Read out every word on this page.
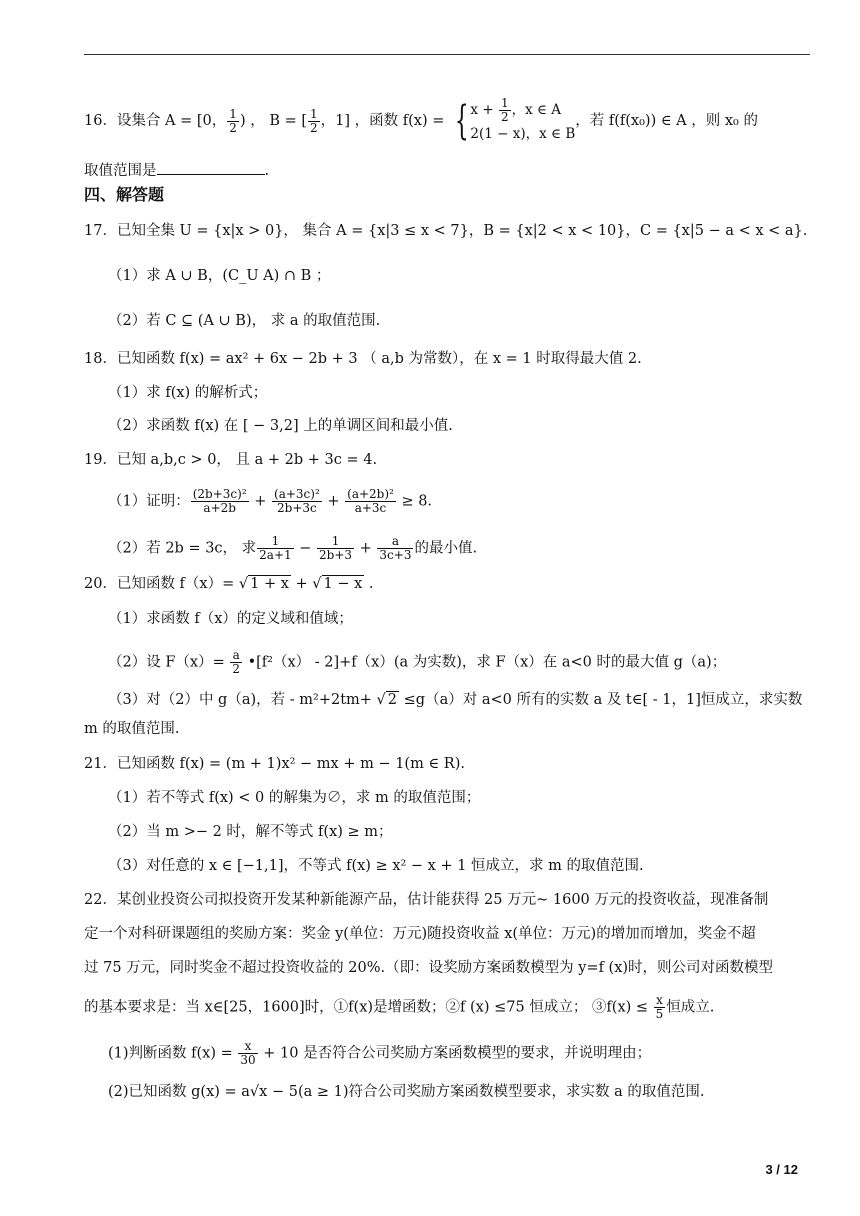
16．设集合 A = [0， $\frac{1}{2}$ ) ， B = [ $\frac{1}{2}$ ，1] ，函数 f(x) = { $x + \frac{1}{2}$ ，x ∈ A
2(1 − x)，x ∈ B
，若 f(f(x₀)) ∈ A ，则 x₀ 的
取值范围是	.
四、解答题
17．已知全集 U = {x|x > 0}， 集合 A = {x|3 ≤ x < 7}，B = {x|2 < x < 10}，C = {x|5 − a < x < a}.
（1）求 A ∪ B，(C_U A) ∩ B ；
（2）若 C ⊆ (A ∪ B)， 求 a 的取值范围.
18．已知函数 f(x) = ax² + 6x − 2b + 3 （ a,b 为常数），在 x = 1 时取得最大值 2.
（1）求 f(x) 的解析式；
（2）求函数 f(x) 在 [ − 3,2] 上的单调区间和最小值.
19．已知 a,b,c > 0， 且 a + 2b + 3c = 4.
（1）证明： $\frac{\text{(2b+3c)²}}{a+2b} + \frac{\text{(a+3c)²}}{2b+3c} + \frac{\text{(a+2b)²}}{a+3c} \ge 8$.
（2）若 2b = 3c， 求 $\frac{1}{2a+1} - \frac{1}{2b+3} + \frac{a}{3c+3}$ 的最小值.
20．已知函数 f（x）= √ 1 + x + √ 1 − x .
（1）求函数 f（x）的定义域和值域；
（2）设 $F(x)= \frac{a}{2}$ •[f²（x） - 2]+f（x）(a 为实数)，求 F（x）在 a<0 时的最大值 g（a)；
（3）对（2）中 g（a)，若 - m²+2tm+ √ 2 ≤g（a）对 a<0 所有的实数 a 及 t∈[ - 1，1]恒成立，求实数
m 的取值范围.
21．已知函数 f(x) = (m + 1)x² − mx + m − 1(m ∈ R).
（1）若不等式 f(x) < 0 的解集为∅，求 m 的取值范围；
（2）当 m >− 2 时，解不等式 f(x) ≥ m；
（3）对任意的 x ∈ [−1,1]，不等式 f(x) ≥ x² − x + 1 恒成立，求 m 的取值范围.
22．某创业投资公司拟投资开发某种新能源产品，估计能获得 25 万元~ 1600 万元的投资收益，现准备制
定一个对科研课题组的奖励方案：奖金 y(单位：万元)随投资收益 x(单位：万元)的增加而增加，奖金不超
过 75 万元，同时奖金不超过投资收益的 20%.（即：设奖励方案函数模型为 y=f (x)时，则公司对函数模型
的基本要求是：当 x∈[25，1600]时，①f(x)是增函数；②f (x) ≤75 恒成立； ③f(x) ≤ $\frac{x}{5}$ 恒成立.
(1)判断函数 $f(x) = \frac{x}{30} + 10$ 是否符合公司奖励方案函数模型的要求，并说明理由；
(2)已知函数 g(x) = a√x − 5(a ≥ 1)符合公司奖励方案函数模型要求，求实数 a 的取值范围.
3 / 12
